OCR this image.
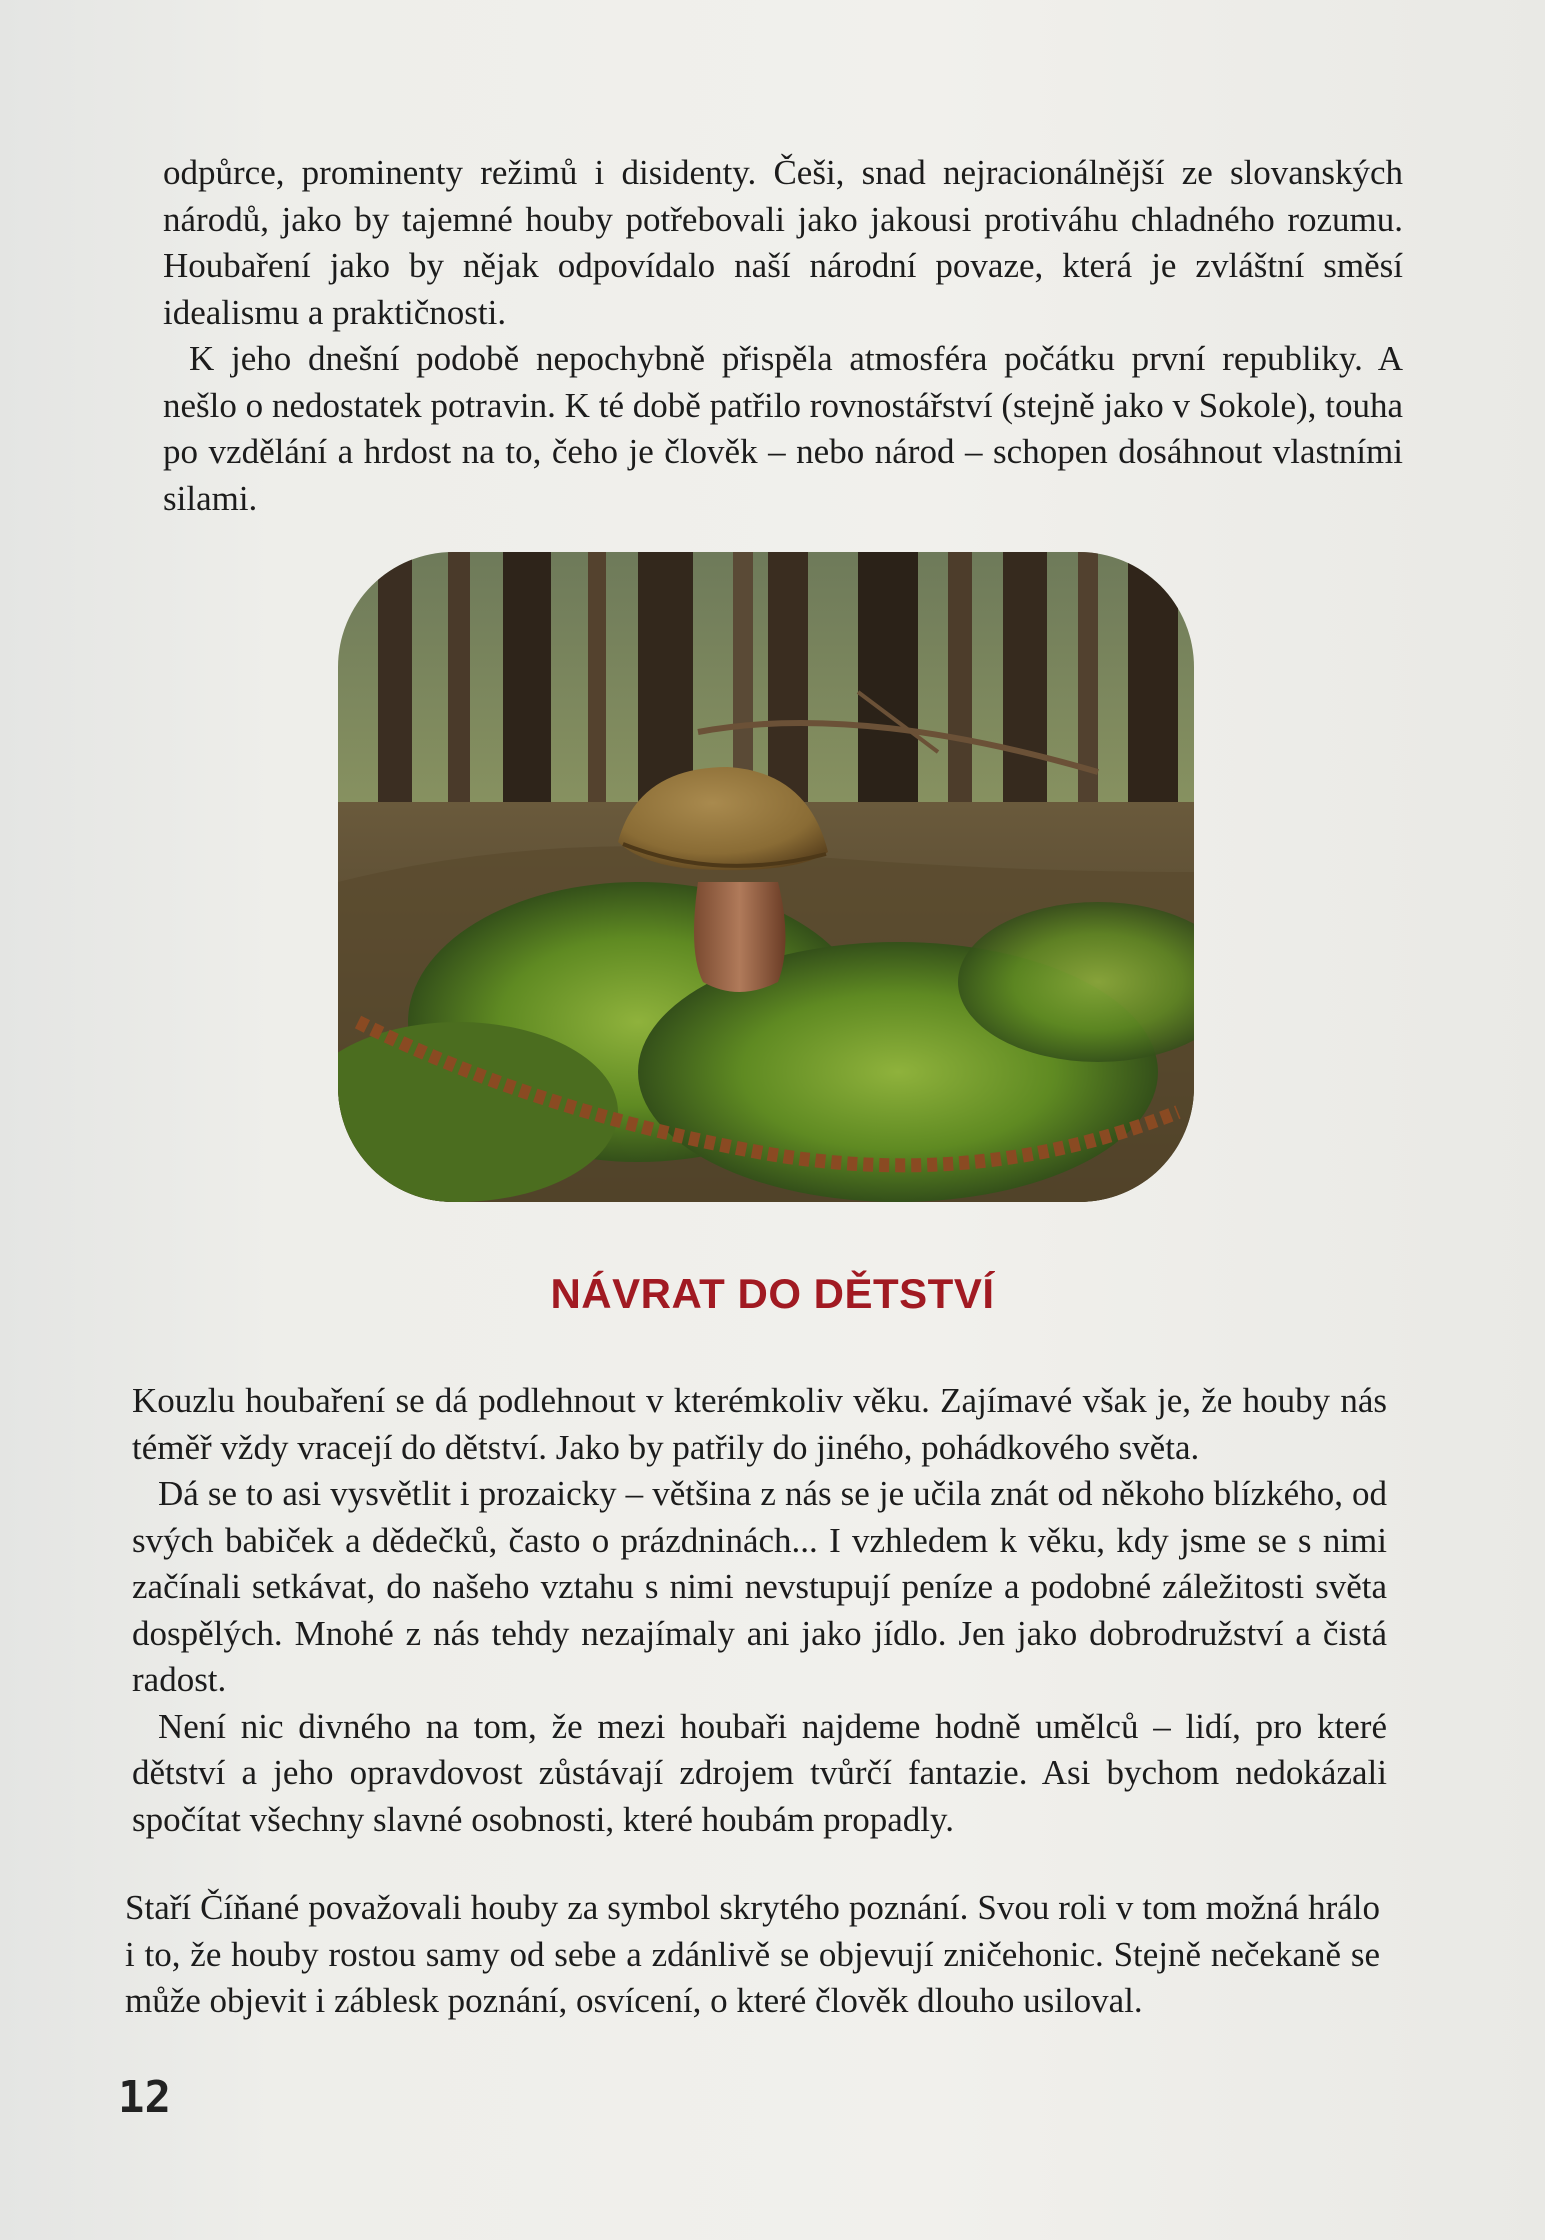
odpůrce, prominenty režimů i disidenty. Češi, snad nejracionálnější ze slovanských národů, jako by tajemné houby potřebovali jako jakousi protiváhu chladného rozumu. Houbaření jako by nějak odpovídalo naší národní povaze, která je zvláštní směsí idealismu a praktičnosti.

K jeho dnešní podobě nepochybně přispěla atmosféra počátku první republiky. A nešlo o nedostatek potravin. K té době patřilo rovnostářství (stejně jako v Sokole), touha po vzdělání a hrdost na to, čeho je člověk – nebo národ – schopen dosáhnout vlastními silami.

NÁVRAT DO DĚTSTVÍ

Kouzlu houbaření se dá podlehnout v kterémkoliv věku. Zajímavé však je, že houby nás téměř vždy vracejí do dětství. Jako by patřily do jiného, pohádkového světa.

Dá se to asi vysvětlit i prozaicky – většina z nás se je učila znát od někoho blízkého, od svých babiček a dědečků, často o prázdninách... I vzhledem k věku, kdy jsme se s nimi začínali setkávat, do našeho vztahu s nimi nevstupují peníze a podobné záležitosti světa dospělých. Mnohé z nás tehdy nezajímaly ani jako jídlo. Jen jako dobrodružství a čistá radost.

Není nic divného na tom, že mezi houbaři najdeme hodně umělců – lidí, pro které dětství a jeho opravdovost zůstávají zdrojem tvůrčí fantazie. Asi bychom nedokázali spočítat všechny slavné osobnosti, které houbám propadly.

Staří Číňané považovali houby za symbol skrytého poznání. Svou roli v tom možná hrálo i to, že houby rostou samy od sebe a zdánlivě se objevují zničehonic. Stejně nečekaně se může objevit i záblesk poznání, osvícení, o které člověk dlouho usiloval.

12
